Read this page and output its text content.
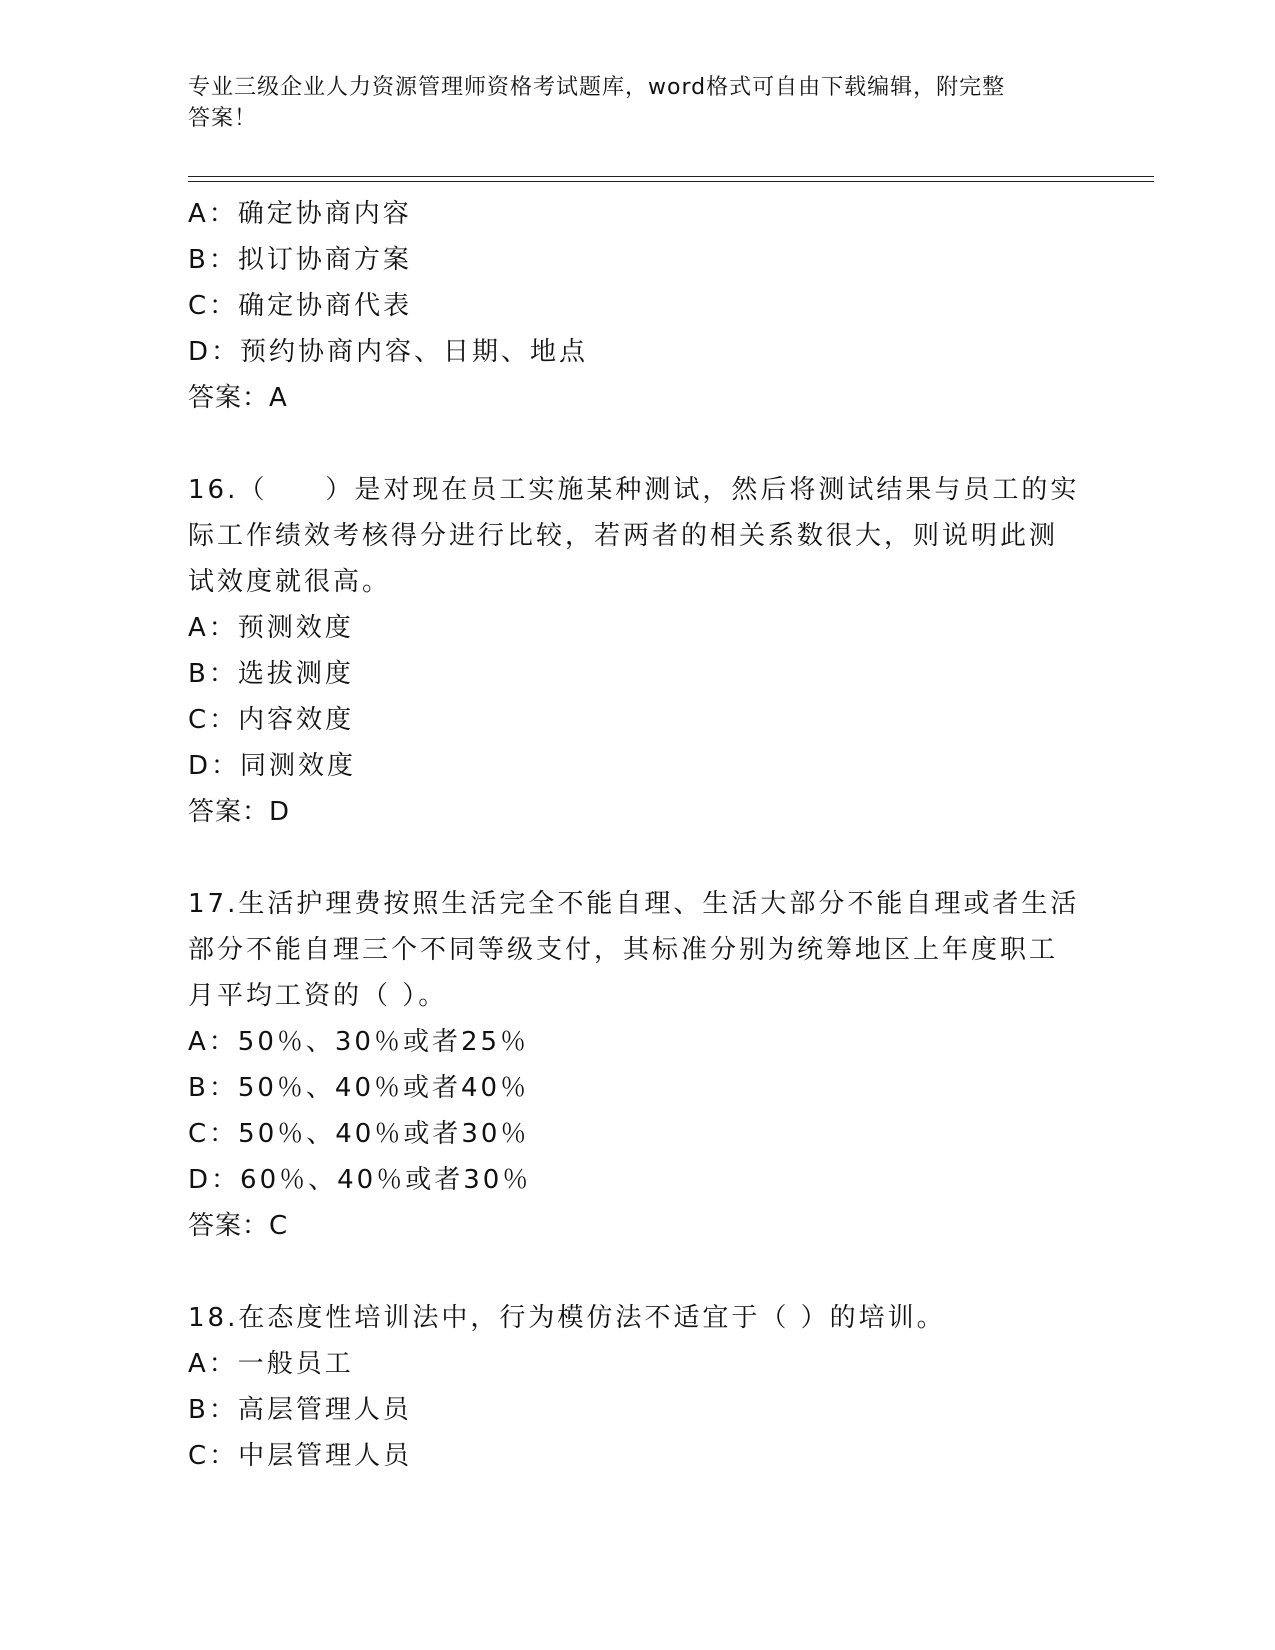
专业三级企业人力资源管理师资格考试题库，word格式可自由下载编辑，附完整
答案！
A：确定协商内容
B：拟订协商方案
C：确定协商代表
D：预约协商内容、日期、地点
答案：A
16.（　　）是对现在员工实施某种测试，然后将测试结果与员工的实
际工作绩效考核得分进行比较，若两者的相关系数很大，则说明此测
试效度就很高。
A：预测效度
B：选拔测度
C：内容效度
D：同测效度
答案：D
17.生活护理费按照生活完全不能自理、生活大部分不能自理或者生活
部分不能自理三个不同等级支付，其标准分别为统筹地区上年度职工
月平均工资的（ ）。
A：50％、30％或者25％
B：50％、40％或者40％
C：50％、40％或者30％
D：60％、40％或者30％
答案：C
18.在态度性培训法中，行为模仿法不适宜于（ ）的培训。
A：一般员工
B：高层管理人员
C：中层管理人员
